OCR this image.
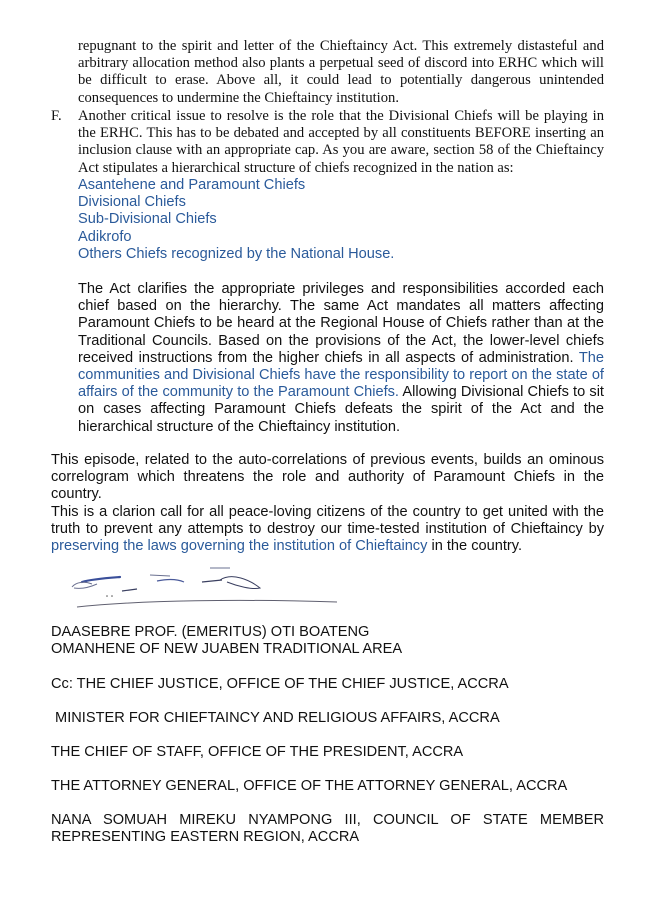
repugnant to the spirit and letter of the Chieftaincy Act. This extremely distasteful and arbitrary allocation method also plants a perpetual seed of discord into ERHC which will be difficult to erase. Above all, it could lead to potentially dangerous unintended consequences to undermine the Chieftaincy institution.

F. Another critical issue to resolve is the role that the Divisional Chiefs will be playing in the ERHC. This has to be debated and accepted by all constituents BEFORE inserting an inclusion clause with an appropriate cap. As you are aware, section 58 of the Chieftaincy Act stipulates a hierarchical structure of chiefs recognized in the nation as:

Asantehene and Paramount Chiefs
Divisional Chiefs
Sub-Divisional Chiefs
Adikrofo
Others Chiefs recognized by the National House.

The Act clarifies the appropriate privileges and responsibilities accorded each chief based on the hierarchy. The same Act mandates all matters affecting Paramount Chiefs to be heard at the Regional House of Chiefs rather than at the Traditional Councils. Based on the provisions of the Act, the lower-level chiefs received instructions from the higher chiefs in all aspects of administration. The communities and Divisional Chiefs have the responsibility to report on the state of affairs of the community to the Paramount Chiefs. Allowing Divisional Chiefs to sit on cases affecting Paramount Chiefs defeats the spirit of the Act and the hierarchical structure of the Chieftaincy institution.

This episode, related to the auto-correlations of previous events, builds an ominous correlogram which threatens the role and authority of Paramount Chiefs in the country.

This is a clarion call for all peace-loving citizens of the country to get united with the truth to prevent any attempts to destroy our time-tested institution of Chieftaincy by preserving the laws governing the institution of Chieftaincy in the country.

DAASEBRE PROF. (EMERITUS) OTI BOATENG

OMANHENE OF NEW JUABEN TRADITIONAL AREA

Cc: THE CHIEF JUSTICE, OFFICE OF THE CHIEF JUSTICE, ACCRA

MINISTER FOR CHIEFTAINCY AND RELIGIOUS AFFAIRS, ACCRA

THE CHIEF OF STAFF, OFFICE OF THE PRESIDENT, ACCRA

THE ATTORNEY GENERAL, OFFICE OF THE ATTORNEY GENERAL, ACCRA

NANA SOMUAH MIREKU NYAMPONG III, COUNCIL OF STATE MEMBER

REPRESENTING EASTERN REGION, ACCRA
